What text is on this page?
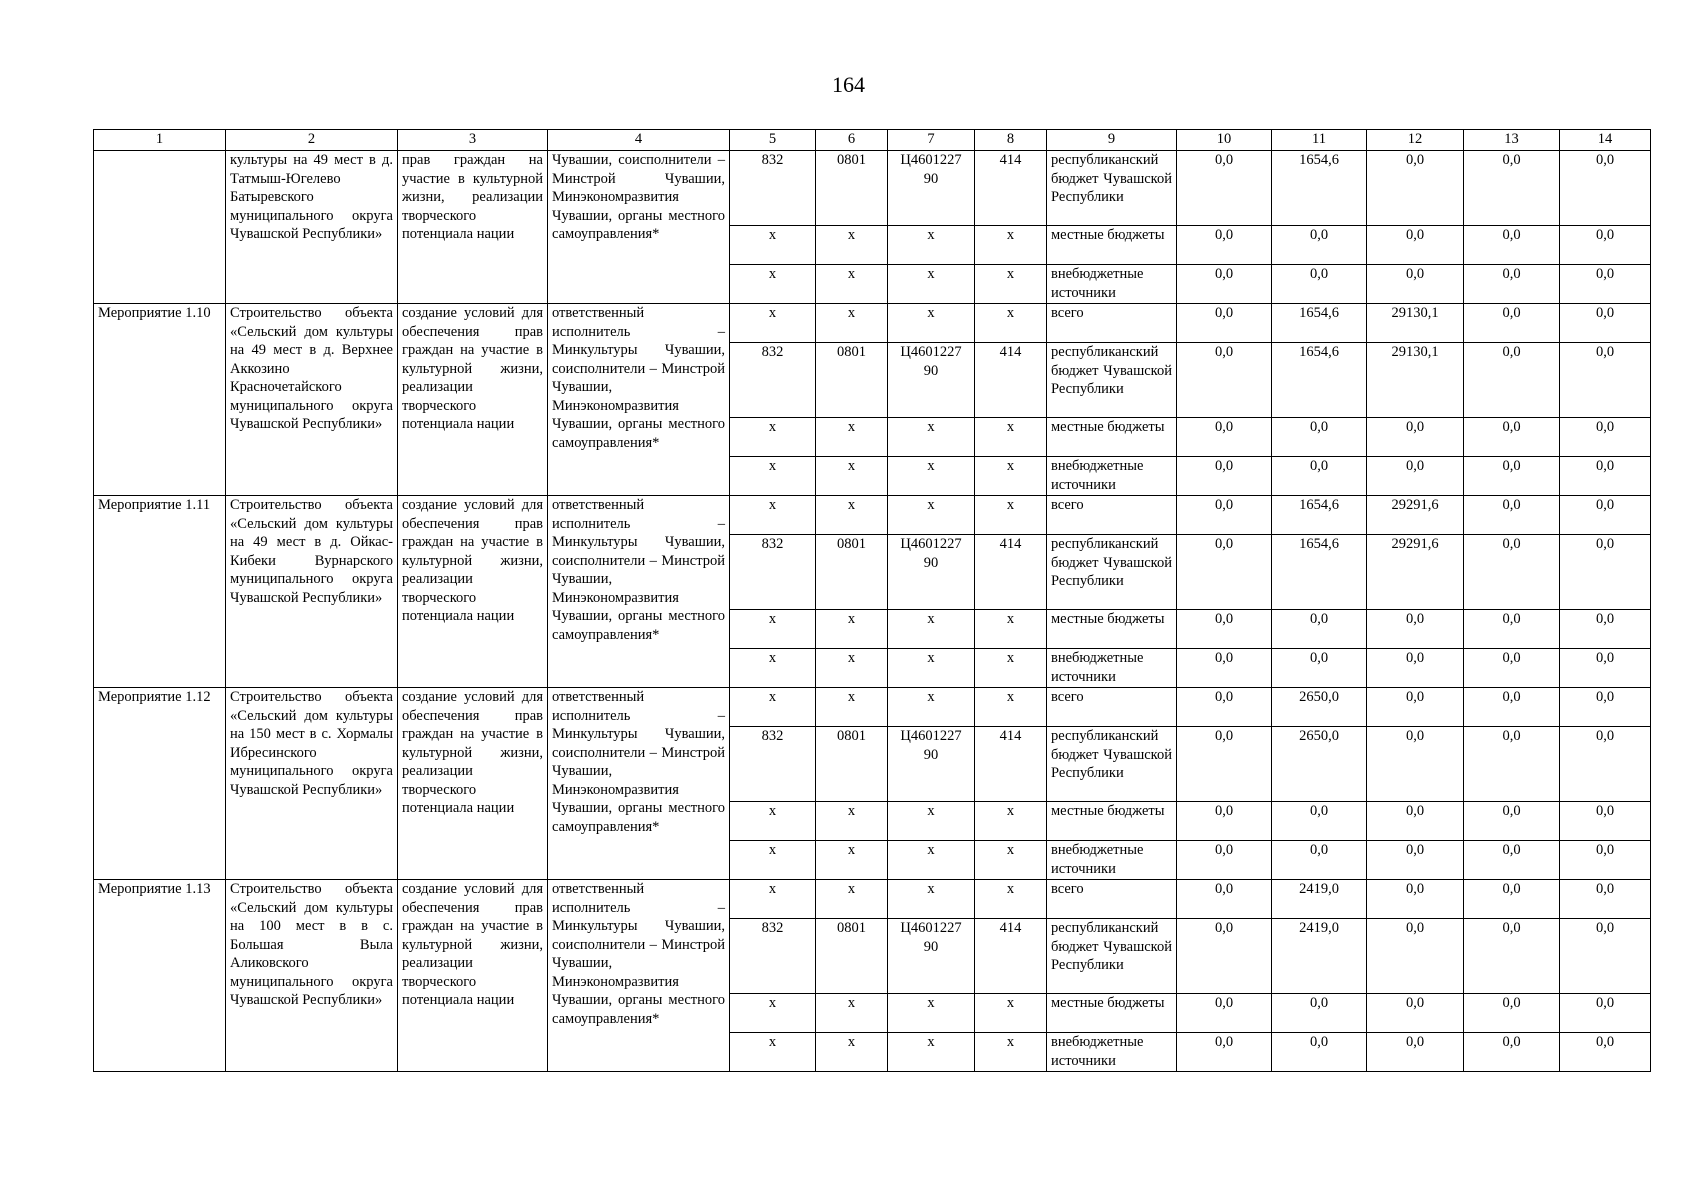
164
1	2	3	4	5	6	7	8	9	10	11	12	13	14
	культуры на 49 мест в д. Татмыш-Югелево Батыревского муниципального округа Чувашской Республики»	прав граждан на участие в культурной жизни, реализации творческого потенциала нации	Чувашии, соисполнители – Минстрой Чувашии, Минэкономразвития Чувашии, органы местного самоуправления*	832	0801	Ц4601227 90	414	республиканский бюджет Чувашской Республики	0,0	1654,6	0,0	0,0	0,0
				x	x	x	x	местные бюджеты	0,0	0,0	0,0	0,0	0,0
				x	x	x	x	внебюджетные источники	0,0	0,0	0,0	0,0	0,0
Мероприятие 1.10	Строительство объекта «Сельский дом культуры на 49 мест в д. Верхнее Аккозино Красночетайского муниципального округа Чувашской Республики»	создание условий для обеспечения прав граждан на участие в культурной жизни, реализации творческого потенциала нации	ответственный исполнитель – Минкультуры Чувашии, соисполнители – Минстрой Чувашии, Минэкономразвития Чувашии, органы местного самоуправления*	x	x	x	x	всего	0,0	1654,6	29130,1	0,0	0,0
				832	0801	Ц4601227 90	414	республиканский бюджет Чувашской Республики	0,0	1654,6	29130,1	0,0	0,0
				x	x	x	x	местные бюджеты	0,0	0,0	0,0	0,0	0,0
				x	x	x	x	внебюджетные источники	0,0	0,0	0,0	0,0	0,0
Мероприятие 1.11	Строительство объекта «Сельский дом культуры на 49 мест в д. Ойкас-Кибеки Вурнарского муниципального округа Чувашской Республики»	создание условий для обеспечения прав граждан на участие в культурной жизни, реализации творческого потенциала нации	ответственный исполнитель – Минкультуры Чувашии, соисполнители – Минстрой Чувашии, Минэкономразвития Чувашии, органы местного самоуправления*	x	x	x	x	всего	0,0	1654,6	29291,6	0,0	0,0
				832	0801	Ц4601227 90	414	республиканский бюджет Чувашской Республики	0,0	1654,6	29291,6	0,0	0,0
				x	x	x	x	местные бюджеты	0,0	0,0	0,0	0,0	0,0
				x	x	x	x	внебюджетные источники	0,0	0,0	0,0	0,0	0,0
Мероприятие 1.12	Строительство объекта «Сельский дом культуры на 150 мест в с. Хормалы Ибресинского муниципального округа Чувашской Республики»	создание условий для обеспечения прав граждан на участие в культурной жизни, реализации творческого потенциала нации	ответственный исполнитель – Минкультуры Чувашии, соисполнители – Минстрой Чувашии, Минэкономразвития Чувашии, органы местного самоуправления*	x	x	x	x	всего	0,0	2650,0	0,0	0,0	0,0
				832	0801	Ц4601227 90	414	республиканский бюджет Чувашской Республики	0,0	2650,0	0,0	0,0	0,0
				x	x	x	x	местные бюджеты	0,0	0,0	0,0	0,0	0,0
				x	x	x	x	внебюджетные источники	0,0	0,0	0,0	0,0	0,0
Мероприятие 1.13	Строительство объекта «Сельский дом культуры на 100 мест в в с. Большая Выла Аликовского муниципального округа Чувашской Республики»	создание условий для обеспечения прав граждан на участие в культурной жизни, реализации творческого потенциала нации	ответственный исполнитель – Минкультуры Чувашии, соисполнители – Минстрой Чувашии, Минэкономразвития Чувашии, органы местного самоуправления*	x	x	x	x	всего	0,0	2419,0	0,0	0,0	0,0
				832	0801	Ц4601227 90	414	республиканский бюджет Чувашской Республики	0,0	2419,0	0,0	0,0	0,0
				x	x	x	x	местные бюджеты	0,0	0,0	0,0	0,0	0,0
				x	x	x	x	внебюджетные источники	0,0	0,0	0,0	0,0	0,0
